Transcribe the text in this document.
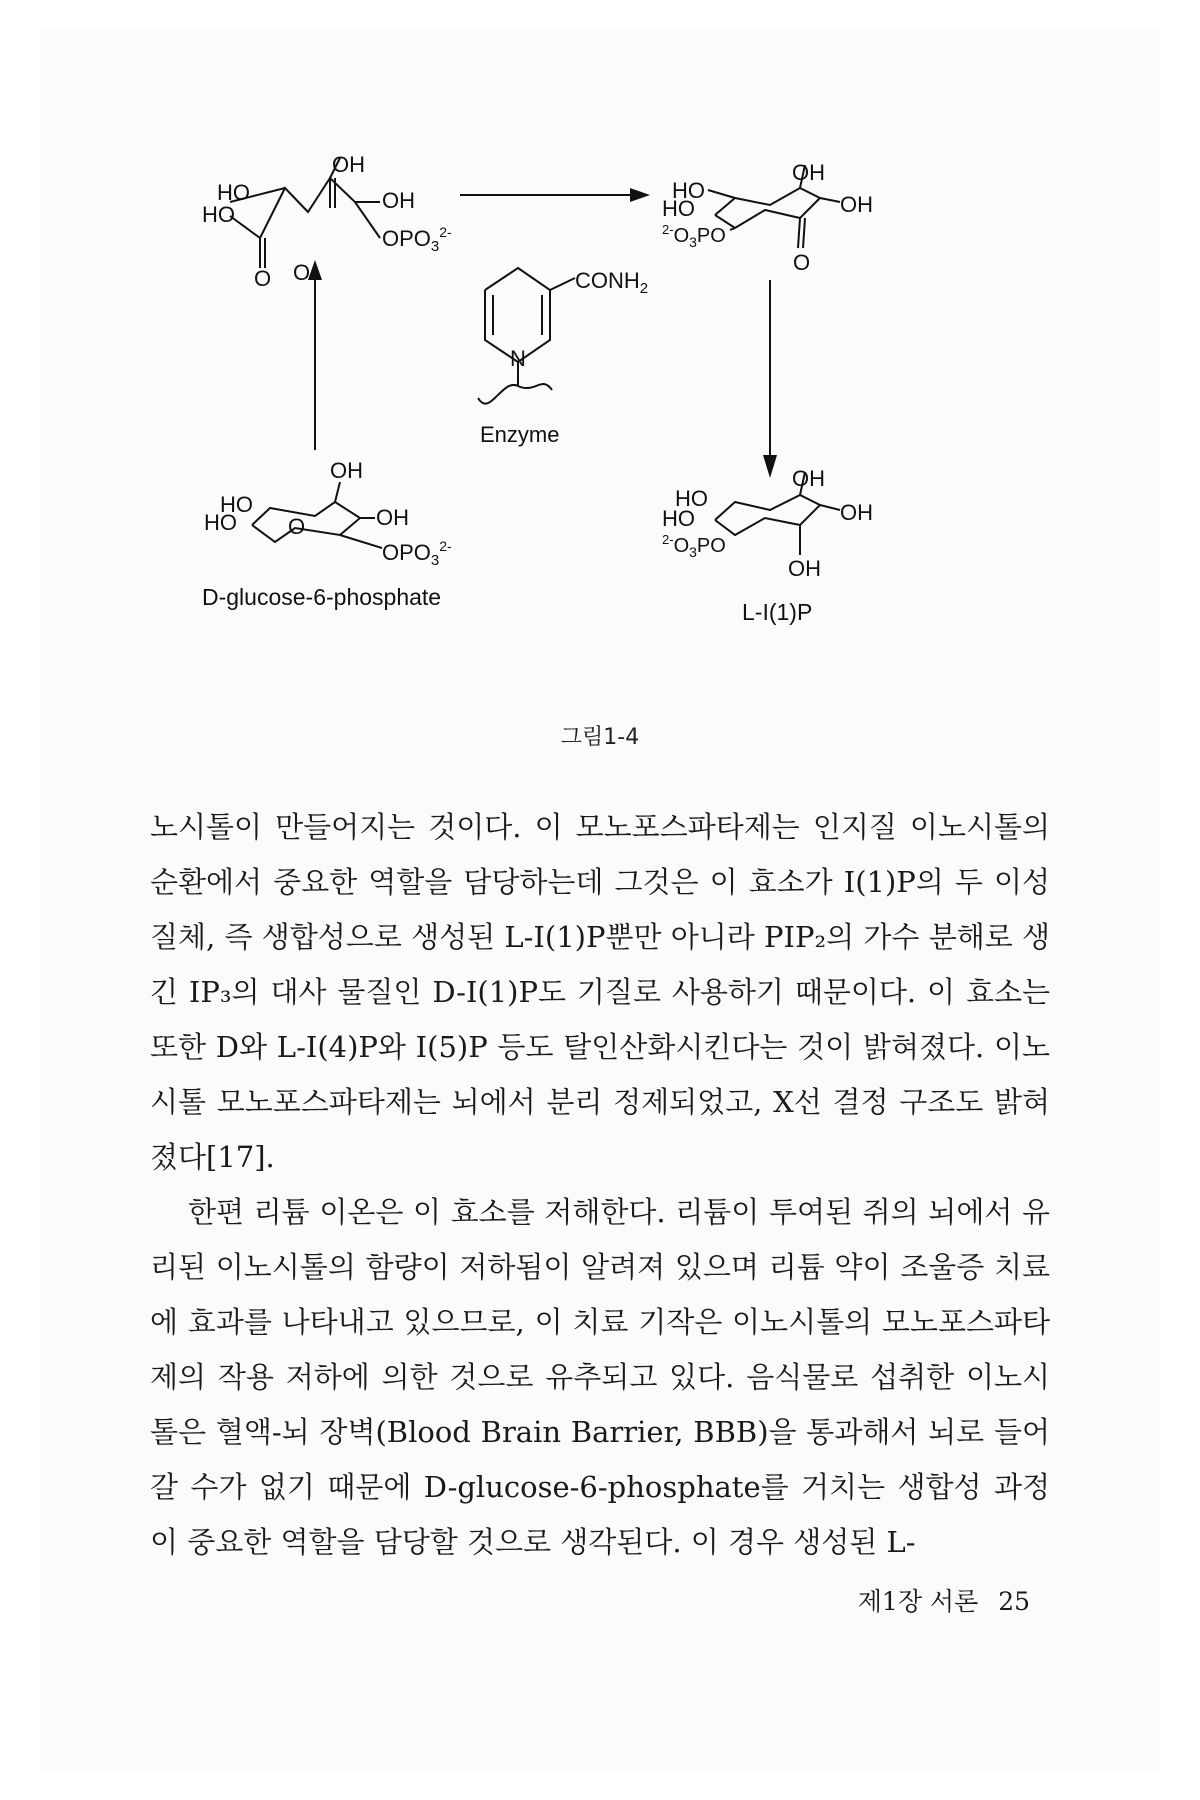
OH
HO
HO
OH
O O
$OPO_3^{2-}$
OH
OH
HO
HO
$^{2-}O_3PO$
O
$CONH_2$
N
Enzyme
OH
HO
HO O	OH
$OPO_3^{2-}$
D-glucose-6-phosphate
OH
OH
HO
HO
$^{2-}O_3PO$
OH
L-I(1)P
그림1-4

노시톨이 만들어지는 것이다. 이 모노포스파타제는 인지질 이노시톨의 순환에서 중요한 역할을 담당하는데 그것은 이 효소가 I(1)P의 두 이성질체, 즉 생합성으로 생성된 L-I(1)P뿐만 아니라 PIP₂의 가수 분해로 생긴 IP₃의 대사 물질인 D-I(1)P도 기질로 사용하기 때문이다. 이 효소는 또한 D와 L-I(4)P와 I(5)P 등도 탈인산화시킨다는 것이 밝혀졌다. 이노시톨 모노포스파타제는 뇌에서 분리 정제되었고, X선 결정 구조도 밝혀졌다[17].

한편 리튬 이온은 이 효소를 저해한다. 리튬이 투여된 쥐의 뇌에서 유리된 이노시톨의 함량이 저하됨이 알려져 있으며 리튬 약이 조울증 치료에 효과를 나타내고 있으므로, 이 치료 기작은 이노시톨의 모노포스파타제의 작용 저하에 의한 것으로 유추되고 있다. 음식물로 섭취한 이노시톨은 혈액-뇌 장벽(Blood Brain Barrier, BBB)을 통과해서 뇌로 들어갈 수가 없기 때문에 D-glucose-6-phosphate를 거치는 생합성 과정이 중요한 역할을 담당할 것으로 생각된다. 이 경우 생성된 L-

제1장 서론 25
